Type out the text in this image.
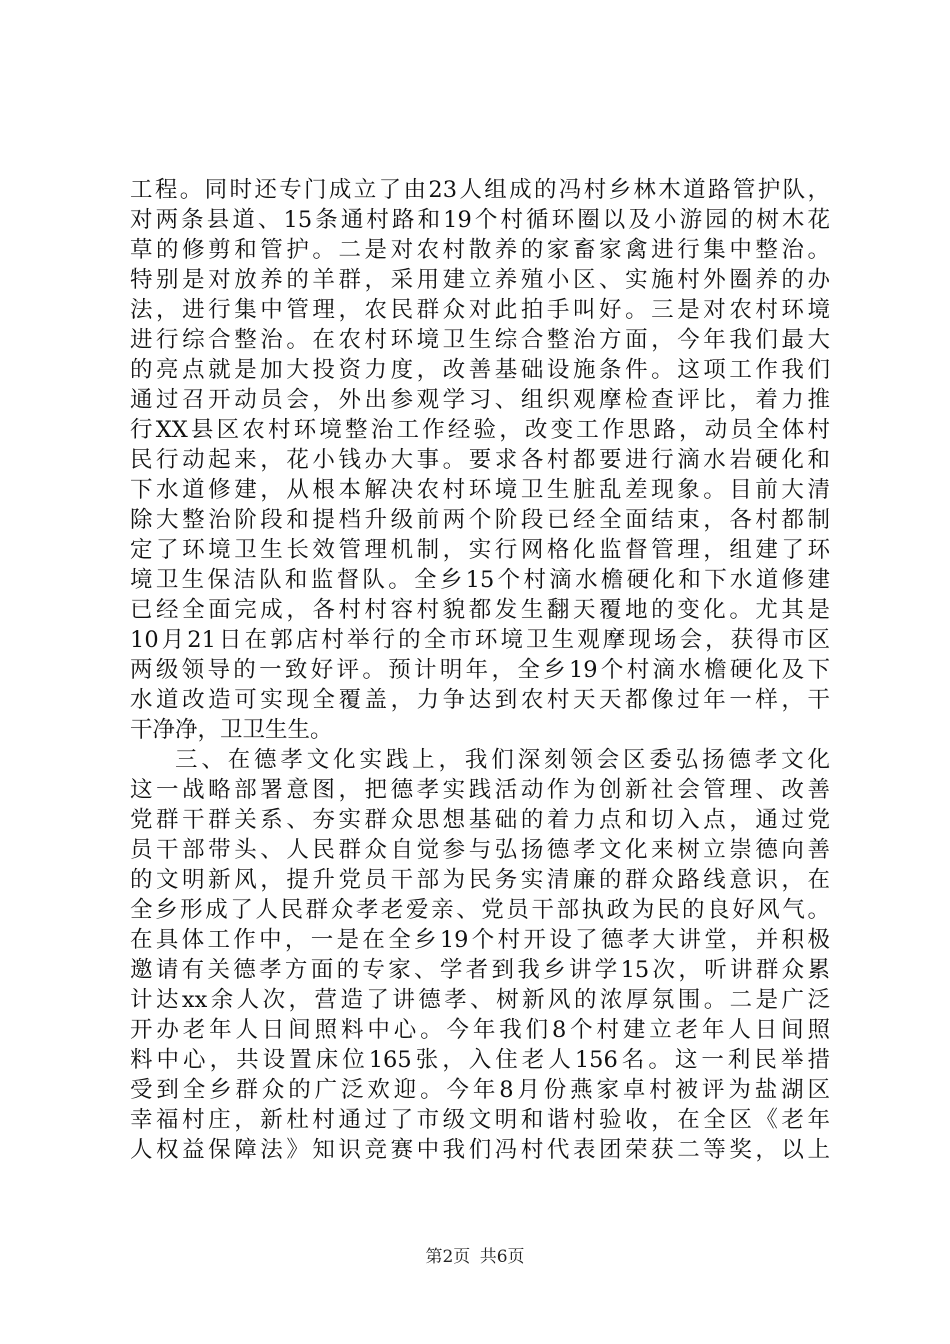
工程。同时还专门成立了由23人组成的冯村乡林木道路管护队，
对两条县道、15条通村路和19个村循环圈以及小游园的树木花
草的修剪和管护。二是对农村散养的家畜家禽进行集中整治。
特别是对放养的羊群，采用建立养殖小区、实施村外圈养的办
法，进行集中管理，农民群众对此拍手叫好。三是对农村环境
进行综合整治。在农村环境卫生综合整治方面，今年我们最大
的亮点就是加大投资力度，改善基础设施条件。这项工作我们
通过召开动员会，外出参观学习、组织观摩检查评比，着力推
行XX县区农村环境整治工作经验，改变工作思路，动员全体村
民行动起来，花小钱办大事。要求各村都要进行滴水岩硬化和
下水道修建，从根本解决农村环境卫生脏乱差现象。目前大清
除大整治阶段和提档升级前两个阶段已经全面结束，各村都制
定了环境卫生长效管理机制，实行网格化监督管理，组建了环
境卫生保洁队和监督队。全乡15个村滴水檐硬化和下水道修建
已经全面完成，各村村容村貌都发生翻天覆地的变化。尤其是
10月21日在郭店村举行的全市环境卫生观摩现场会，获得市区
两级领导的一致好评。预计明年，全乡19个村滴水檐硬化及下
水道改造可实现全覆盖，力争达到农村天天都像过年一样，干
干净净，卫卫生生。
三、在德孝文化实践上，我们深刻领会区委弘扬德孝文化
这一战略部署意图，把德孝实践活动作为创新社会管理、改善
党群干群关系、夯实群众思想基础的着力点和切入点，通过党
员干部带头、人民群众自觉参与弘扬德孝文化来树立崇德向善
的文明新风，提升党员干部为民务实清廉的群众路线意识，在
全乡形成了人民群众孝老爱亲、党员干部执政为民的良好风气。
在具体工作中，一是在全乡19个村开设了德孝大讲堂，并积极
邀请有关德孝方面的专家、学者到我乡讲学15次，听讲群众累
计达xx余人次，营造了讲德孝、树新风的浓厚氛围。二是广泛
开办老年人日间照料中心。今年我们8个村建立老年人日间照
料中心，共设置床位165张，入住老人156名。这一利民举措
受到全乡群众的广泛欢迎。今年8月份燕家卓村被评为盐湖区
幸福村庄，新杜村通过了市级文明和谐村验收，在全区《老年
人权益保障法》知识竞赛中我们冯村代表团荣获二等奖，以上
第2页 共6页
